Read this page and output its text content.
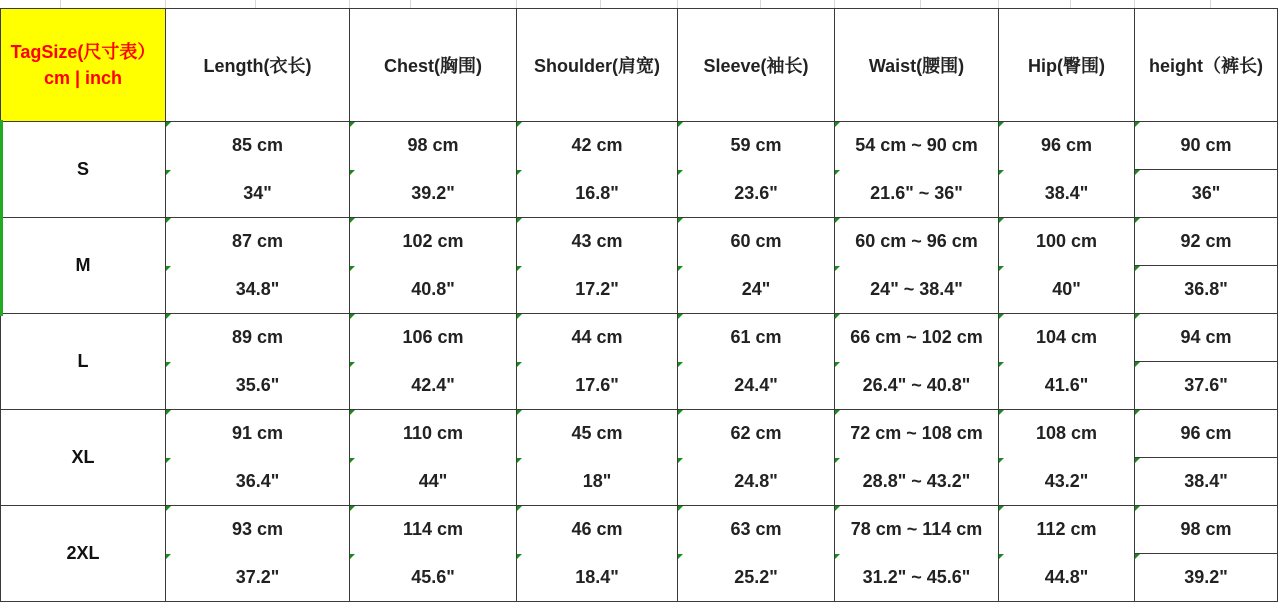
TagSize(尺寸表）cm | inch	Length(衣长)	Chest(胸围)	Shoulder(肩宽)	Sleeve(袖长)	Waist(腰围)	Hip(臀围)	height（裤长)
S	85 cm	98 cm	42 cm	59 cm	54 cm ~ 90 cm	96 cm	90 cm
	34"	39.2"	16.8"	23.6"	21.6" ~ 36"	38.4"	36"
M	87 cm	102 cm	43 cm	60 cm	60 cm ~ 96 cm	100 cm	92 cm
	34.8"	40.8"	17.2"	24"	24" ~ 38.4"	40"	36.8"
L	89 cm	106 cm	44 cm	61 cm	66 cm ~ 102 cm	104 cm	94 cm
	35.6"	42.4"	17.6"	24.4"	26.4" ~ 40.8"	41.6"	37.6"
XL	91 cm	110 cm	45 cm	62 cm	72 cm ~ 108 cm	108 cm	96 cm
	36.4"	44"	18"	24.8"	28.8" ~ 43.2"	43.2"	38.4"
2XL	93 cm	114 cm	46 cm	63 cm	78 cm ~ 114 cm	112 cm	98 cm
	37.2"	45.6"	18.4"	25.2"	31.2" ~ 45.6"	44.8"	39.2"
